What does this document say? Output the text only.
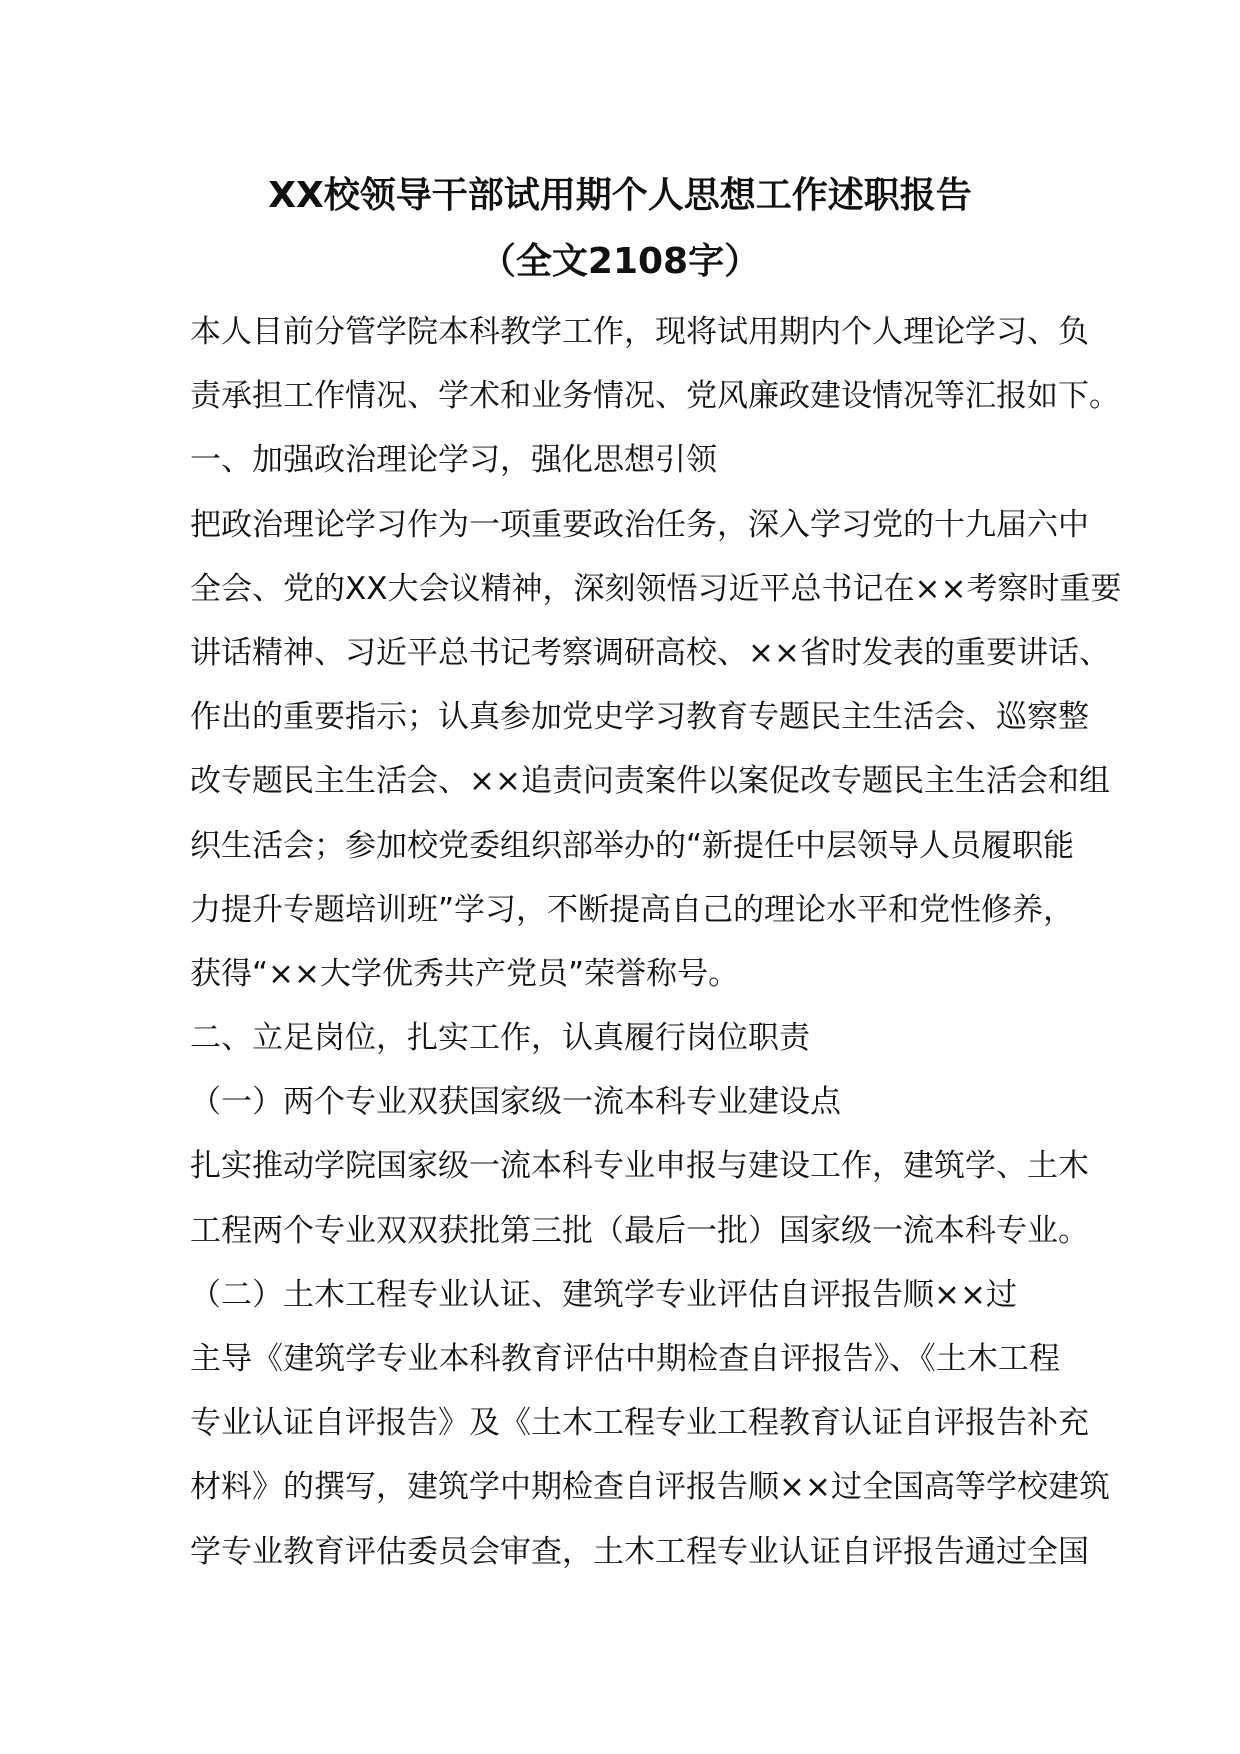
XX校领导干部试用期个人思想工作述职报告
（全文2108字）
本人目前分管学院本科教学工作，现将试用期内个人理论学习、负
责承担工作情况、学术和业务情况、党风廉政建设情况等汇报如下。
一、加强政治理论学习，强化思想引领
把政治理论学习作为一项重要政治任务，深入学习党的十九届六中
全会、党的XX大会议精神，深刻领悟习近平总书记在××考察时重要
讲话精神、习近平总书记考察调研高校、××省时发表的重要讲话、
作出的重要指示；认真参加党史学习教育专题民主生活会、巡察整
改专题民主生活会、××追责问责案件以案促改专题民主生活会和组
织生活会；参加校党委组织部举办的“新提任中层领导人员履职能
力提升专题培训班”学习，不断提高自己的理论水平和党性修养，
获得“××大学优秀共产党员”荣誉称号。
二、立足岗位，扎实工作，认真履行岗位职责
（一）两个专业双获国家级一流本科专业建设点
扎实推动学院国家级一流本科专业申报与建设工作，建筑学、土木
工程两个专业双双获批第三批（最后一批）国家级一流本科专业。
（二）土木工程专业认证、建筑学专业评估自评报告顺××过
主导《建筑学专业本科教育评估中期检查自评报告》、《土木工程
专业认证自评报告》及《土木工程专业工程教育认证自评报告补充
材料》的撰写，建筑学中期检查自评报告顺××过全国高等学校建筑
学专业教育评估委员会审查，土木工程专业认证自评报告通过全国
